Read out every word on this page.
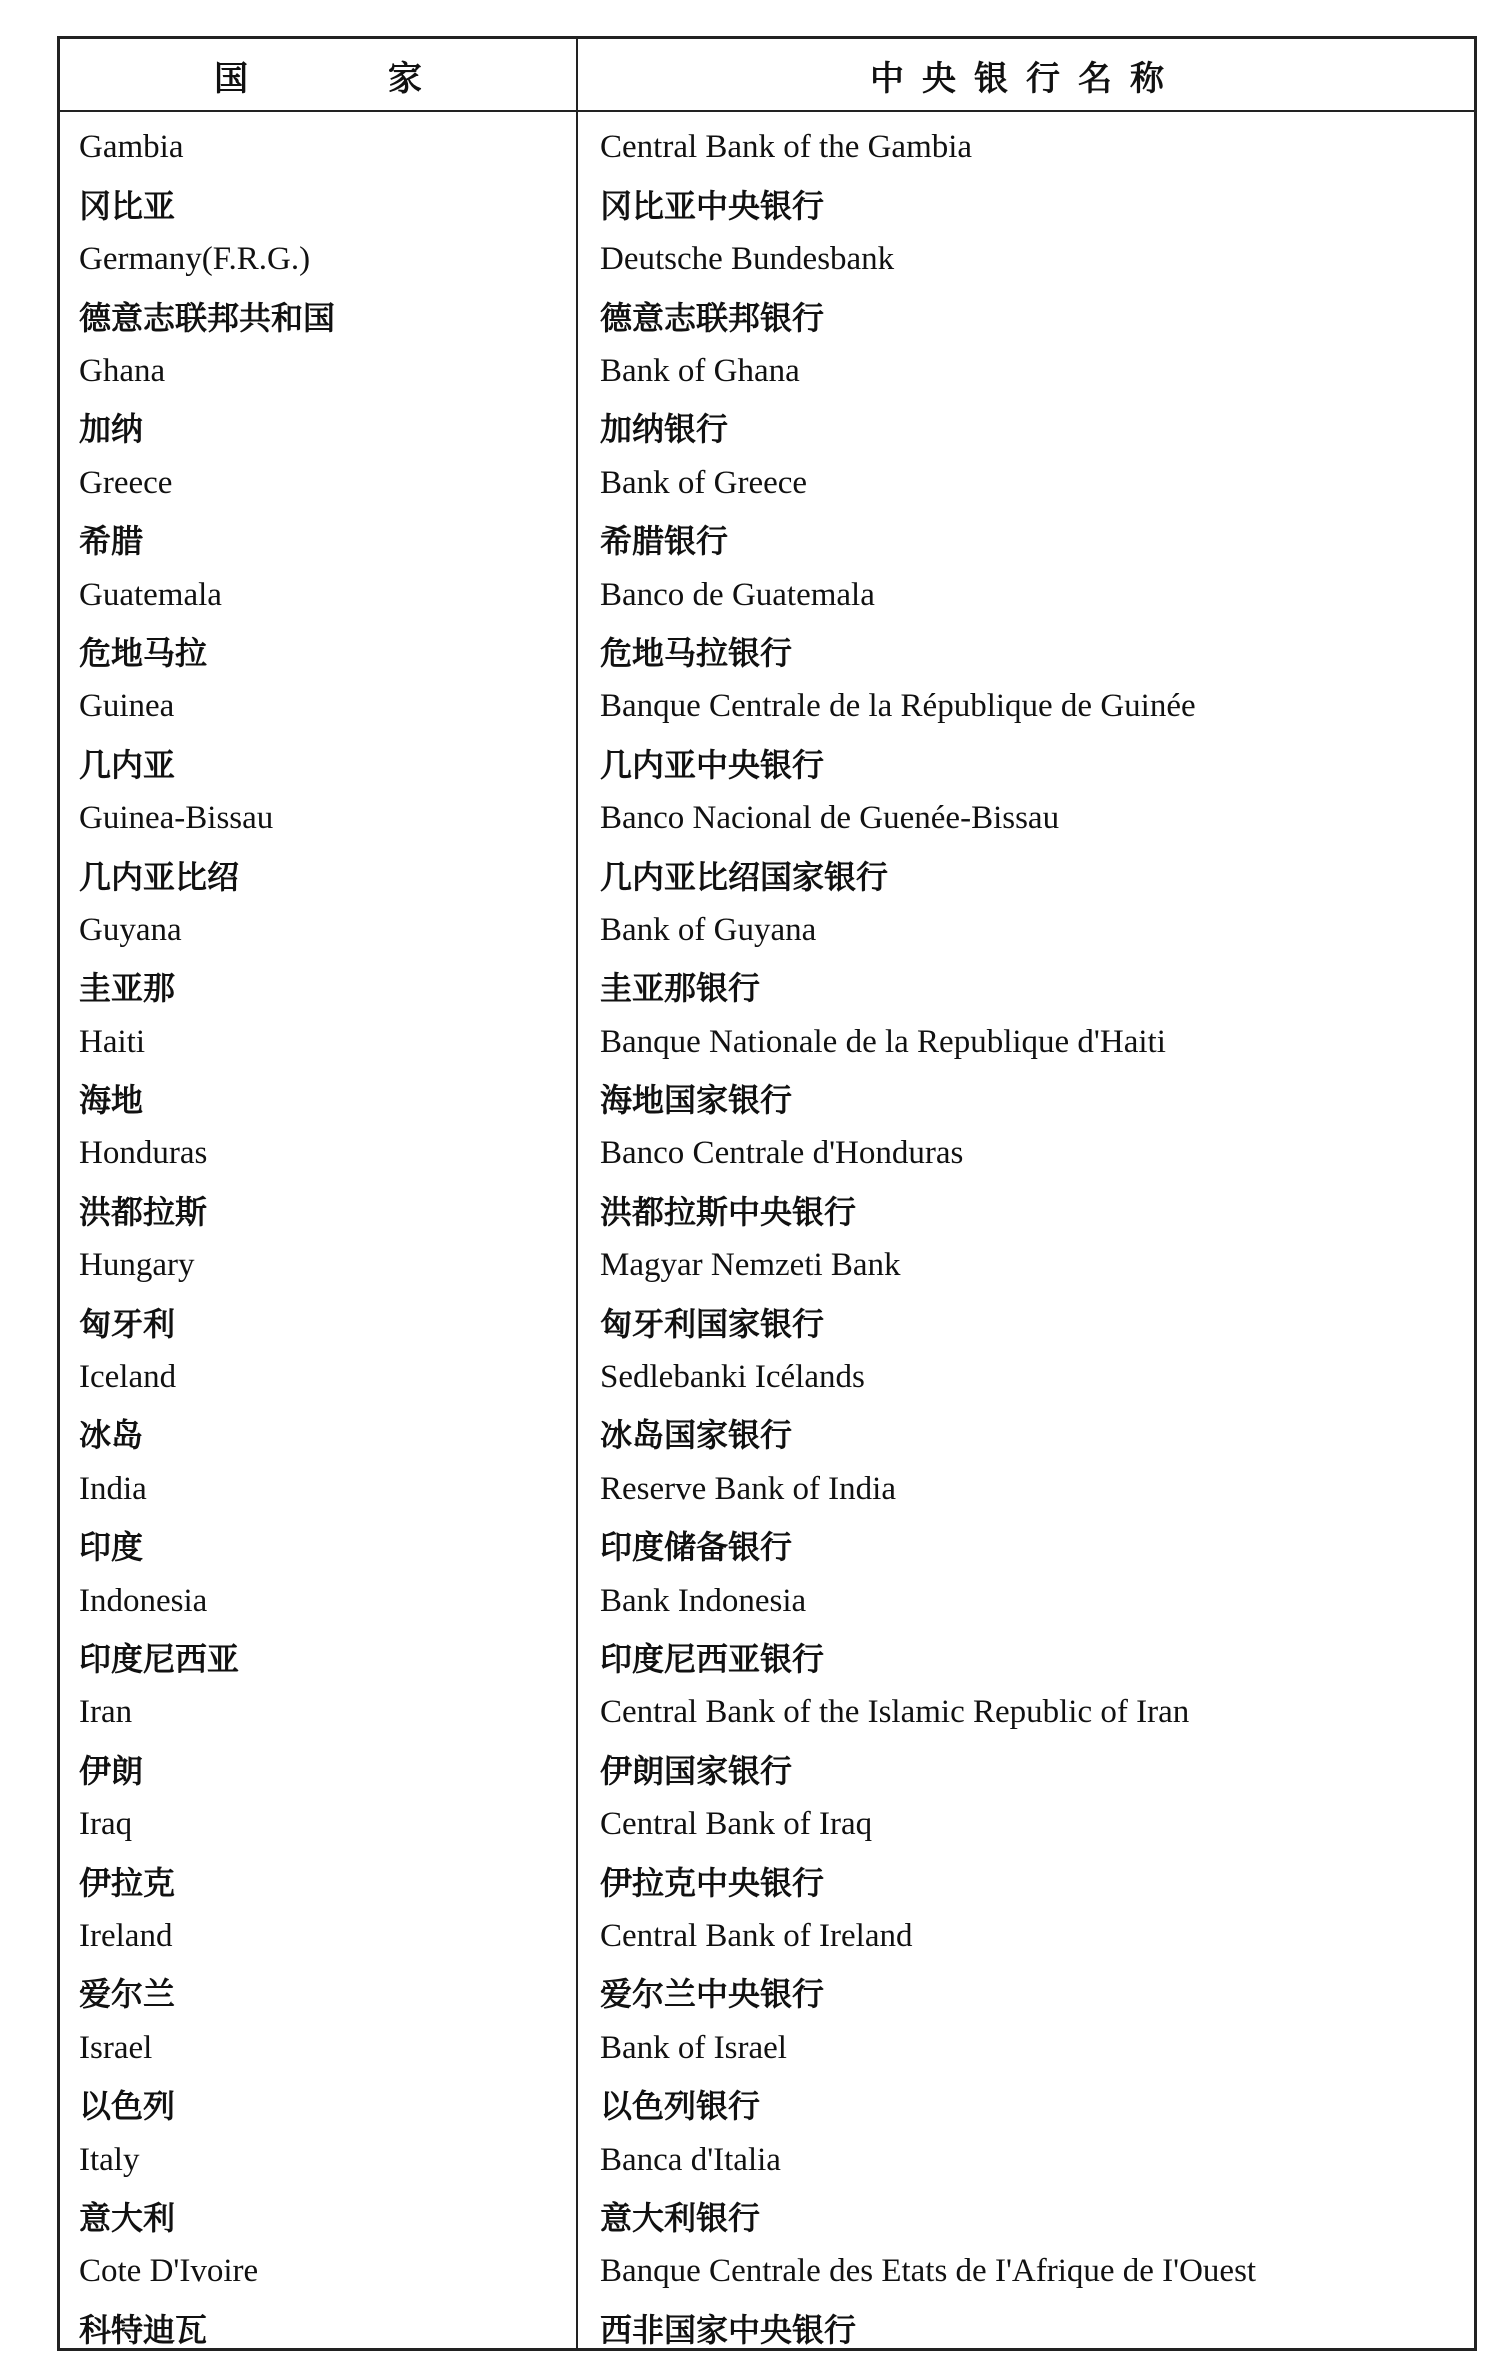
国 家	中央银行名称
Gambia	Central Bank of the Gambia
冈比亚	冈比亚中央银行
Germany(F.R.G.)	Deutsche Bundesbank
德意志联邦共和国	德意志联邦银行
Ghana	Bank of Ghana
加纳	加纳银行
Greece	Bank of Greece
希腊	希腊银行
Guatemala	Banco de Guatemala
危地马拉	危地马拉银行
Guinea	Banque Centrale de la République de Guinée
几内亚	几内亚中央银行
Guinea-Bissau	Banco Nacional de Guenée-Bissau
几内亚比绍	几内亚比绍国家银行
Guyana	Bank of Guyana
圭亚那	圭亚那银行
Haiti	Banque Nationale de la Republique d'Haiti
海地	海地国家银行
Honduras	Banco Centrale d'Honduras
洪都拉斯	洪都拉斯中央银行
Hungary	Magyar Nemzeti Bank
匈牙利	匈牙利国家银行
Iceland	Sedlebanki Icélands
冰岛	冰岛国家银行
India	Reserve Bank of India
印度	印度储备银行
Indonesia	Bank Indonesia
印度尼西亚	印度尼西亚银行
Iran	Central Bank of the Islamic Republic of Iran
伊朗	伊朗国家银行
Iraq	Central Bank of Iraq
伊拉克	伊拉克中央银行
Ireland	Central Bank of Ireland
爱尔兰	爱尔兰中央银行
Israel	Bank of Israel
以色列	以色列银行
Italy	Banca d'Italia
意大利	意大利银行
Cote D'Ivoire	Banque Centrale des Etats de I'Afrique de I'Ouest
科特迪瓦	西非国家中央银行
